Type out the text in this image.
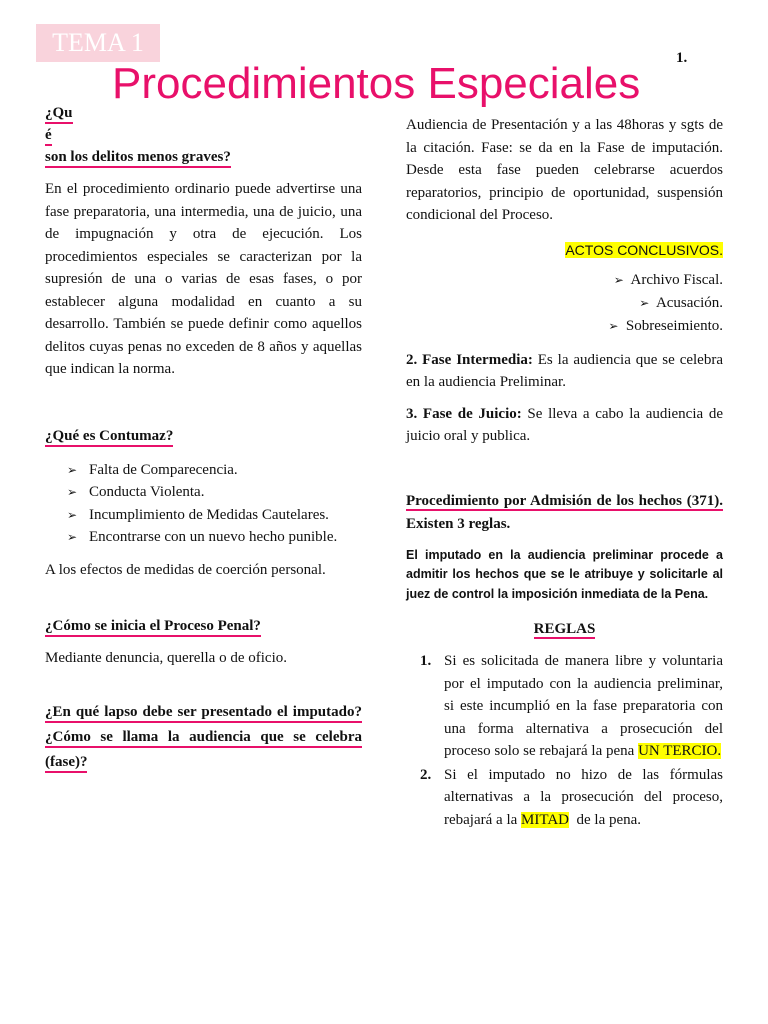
TEMA 1
Procedimientos Especiales
1.
¿Qu
é
son los delitos menos graves?
En el procedimiento ordinario puede advertirse una fase preparatoria, una intermedia, una de juicio, una de impugnación y otra de ejecución. Los procedimientos especiales se caracterizan por la supresión de una o varias de esas fases, o por establecer alguna modalidad en cuanto a su desarrollo. También se puede definir como aquellos delitos cuyas penas no exceden de 8 años y aquellas que indican la norma.
¿Qué es Contumaz?
➢ Falta de Comparecencia.
➢ Conducta Violenta.
➢ Incumplimiento de Medidas Cautelares.
➢ Encontrarse con un nuevo hecho punible.
A los efectos de medidas de coerción personal.
¿Cómo se inicia el Proceso Penal?
Mediante denuncia, querella o de oficio.
¿En qué lapso debe ser presentado el imputado? ¿Cómo se llama la audiencia que se celebra (fase)?
Audiencia de Presentación y a las 48horas y sgts de la citación. Fase: se da en la Fase de imputación. Desde esta fase pueden celebrarse acuerdos reparatorios, principio de oportunidad, suspensión condicional del Proceso.
ACTOS CONCLUSIVOS.
➢ Archivo Fiscal.
➢ Acusación.
➢ Sobreseimiento.
2. Fase Intermedia: Es la audiencia que se celebra en la audiencia Preliminar.
3. Fase de Juicio: Se lleva a cabo la audiencia de juicio oral y publica.
Procedimiento por Admisión de los hechos (371). Existen 3 reglas.
El imputado en la audiencia preliminar procede a admitir los hechos que se le atribuye y solicitarle al juez de control la imposición inmediata de la Pena.
REGLAS
1. Si es solicitada de manera libre y voluntaria por el imputado con la audiencia preliminar, si este incumplió en la fase preparatoria con una forma alternativa a prosecución del proceso solo se rebajará la pena UN TERCIO.
2. Si el imputado no hizo de las fórmulas alternativas a la prosecución del proceso, rebajará a la MITAD  de la pena.
